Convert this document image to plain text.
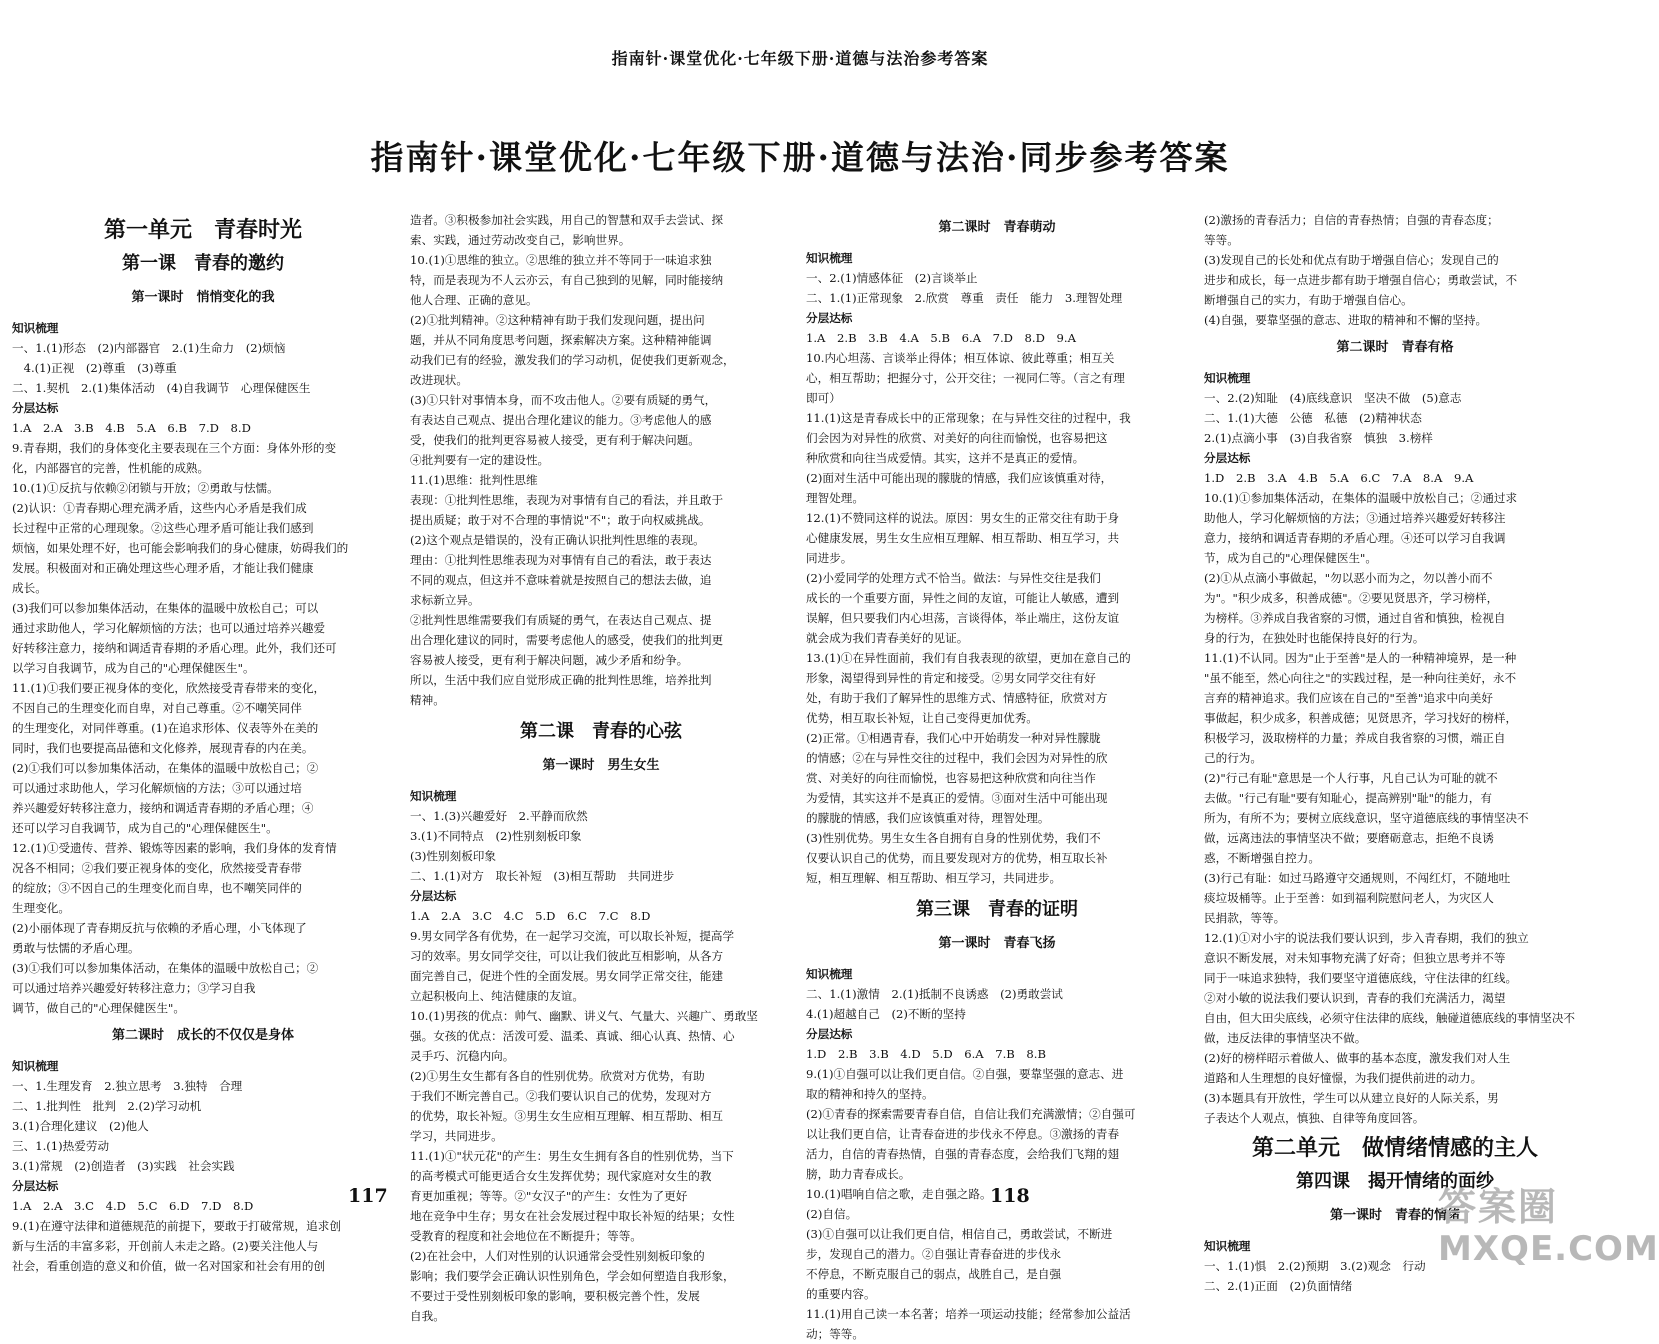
指南针·课堂优化·七年级下册·道德与法治参考答案
指南针·课堂优化·七年级下册·道德与法治·同步参考答案
第一单元　青春时光
第一课　青春的邀约
第一课时　悄悄变化的我
知识梳理
一、1.(1)形态　(2)内部器官　2.(1)生命力　(2)烦恼
　4.(1)正视　(2)尊重　(3)尊重
二、1.契机　2.(1)集体活动　(4)自我调节　心理保健医生
分层达标
1.A　2.A　3.B　4.B　5.A　6.B　7.D　8.D
9.青春期，我们的身体变化主要表现在三个方面：身体外形的变
化，内部器官的完善，性机能的成熟。
10.(1)①反抗与依赖②闭锁与开放；②勇敢与怯懦。
(2)认识：①青春期心理充满矛盾，这些内心矛盾是我们成
长过程中正常的心理现象。②这些心理矛盾可能让我们感到
烦恼，如果处理不好，也可能会影响我们的身心健康，妨碍我们的
发展。积极面对和正确处理这些心理矛盾，才能让我们健康
成长。
(3)我们可以参加集体活动，在集体的温暖中放松自己；可以
通过求助他人，学习化解烦恼的方法；也可以通过培养兴趣爱
好转移注意力，接纳和调适青春期的矛盾心理。此外，我们还可
以学习自我调节，成为自己的"心理保健医生"。
11.(1)①我们要正视身体的变化，欣然接受青春带来的变化，
不因自己的生理变化而自卑，对自己尊重。②不嘲笑同伴
的生理变化，对同伴尊重。(1)在追求形体、仪表等外在美的
同时，我们也要提高品德和文化修养，展现青春的内在美。
(2)①我们可以参加集体活动，在集体的温暖中放松自己；②
可以通过求助他人，学习化解烦恼的方法；③可以通过培
养兴趣爱好转移注意力，接纳和调适青春期的矛盾心理；④
还可以学习自我调节，成为自己的"心理保健医生"。
12.(1)①受遗传、营养、锻炼等因素的影响，我们身体的发育情
况各不相同；②我们要正视身体的变化，欣然接受青春带
的绽放；③不因自己的生理变化而自卑，也不嘲笑同伴的
生理变化。
(2)小丽体现了青春期反抗与依赖的矛盾心理，小飞体现了
勇敢与怯懦的矛盾心理。
(3)①我们可以参加集体活动，在集体的温暖中放松自己；②
可以通过培养兴趣爱好转移注意力；③学习自我
调节，做自己的"心理保健医生"。
第二课时　成长的不仅仅是身体
知识梳理
一、1.生理发育　2.独立思考　3.独特　合理
二、1.批判性　批判　2.(2)学习动机
3.(1)合理化建议　(2)他人
三、1.(1)热爱劳动
3.(1)常规　(2)创造者　(3)实践　社会实践
分层达标
1.A　2.A　3.C　4.D　5.C　6.D　7.D　8.D
9.(1)在遵守法律和道德规范的前提下，要敢于打破常规，追求创
新与生活的丰富多彩，开创前人未走之路。(2)要关注他人与
社会，看重创造的意义和价值，做一名对国家和社会有用的创
造者。③积极参加社会实践，用自己的智慧和双手去尝试、探
索、实践，通过劳动改变自己，影响世界。
10.(1)①思维的独立。②思维的独立并不等同于一味追求独
特，而是表现为不人云亦云，有自己独到的见解，同时能接纳
他人合理、正确的意见。
(2)①批判精神。②这种精神有助于我们发现问题，提出问
题，并从不同角度思考问题，探索解决方案。这种精神能调
动我们已有的经验，激发我们的学习动机，促使我们更新观念，
改进现状。
(3)①只针对事情本身，而不攻击他人。②要有质疑的勇气，
有表达自己观点、提出合理化建议的能力。③考虑他人的感
受，使我们的批判更容易被人接受，更有利于解决问题。
④批判要有一定的建设性。
11.(1)思维：批判性思维
表现：①批判性思维，表现为对事情有自己的看法，并且敢于
提出质疑；敢于对不合理的事情说"不"；敢于向权威挑战。
(2)这个观点是错误的，没有正确认识批判性思维的表现。
理由：①批判性思维表现为对事情有自己的看法，敢于表达
不同的观点，但这并不意味着就是按照自己的想法去做，追
求标新立异。
②批判性思维需要我们有质疑的勇气，在表达自己观点、提
出合理化建议的同时，需要考虑他人的感受，使我们的批判更
容易被人接受，更有利于解决问题，减少矛盾和纷争。
所以，生活中我们应自觉形成正确的批判性思维，培养批判
精神。
第二课　青春的心弦
第一课时　男生女生
知识梳理
一、1.(3)兴趣爱好　2.平静而欣然
3.(1)不同特点　(2)性别刻板印象
(3)性别刻板印象
二、1.(1)对方　取长补短　(3)相互帮助　共同进步
分层达标
1.A　2.A　3.C　4.C　5.D　6.C　7.C　8.D
9.男女同学各有优势，在一起学习交流，可以取长补短，提高学
习的效率。男女同学交往，可以让我们彼此互相影响，从各方
面完善自己，促进个性的全面发展。男女同学正常交往，能建
立起积极向上、纯洁健康的友谊。
10.(1)男孩的优点：帅气、幽默、讲义气、气量大、兴趣广、勇敢坚
强。女孩的优点：活泼可爱、温柔、真诚、细心认真、热情、心
灵手巧、沉稳内向。
(2)①男生女生都有各自的性别优势。欣赏对方优势，有助
于我们不断完善自己。②我们要认识自己的优势，发现对方
的优势，取长补短。③男生女生应相互理解、相互帮助、相互
学习，共同进步。
11.(1)①"状元花"的产生：男生女生拥有各自的性别优势，当下
的高考模式可能更适合女生发挥优势；现代家庭对女生的教
育更加重视；等等。②"女汉子"的产生：女性为了更好
地在竞争中生存；男女在社会发展过程中取长补短的结果；女性
受教育的程度和社会地位在不断提升；等等。
(2)在社会中，人们对性别的认识通常会受性别刻板印象的
影响；我们要学会正确认识性别角色，学会如何塑造自我形象，
不要过于受性别刻板印象的影响，要积极完善个性，发展
自我。
第二课时　青春萌动
知识梳理
一、2.(1)情感体征　(2)言谈举止
二、1.(1)正常现象　2.欣赏　尊重　责任　能力　3.理智处理
分层达标
1.A　2.B　3.B　4.A　5.B　6.A　7.D　8.D　9.A
10.内心坦荡、言谈举止得体；相互体谅、彼此尊重；相互关
心，相互帮助；把握分寸，公开交往；一视同仁等。（言之有理
即可）
11.(1)这是青春成长中的正常现象；在与异性交往的过程中，我
们会因为对异性的欣赏、对美好的向往而愉悦，也容易把这
种欣赏和向往当成爱情。其实，这并不是真正的爱情。
(2)面对生活中可能出现的朦胧的情感，我们应该慎重对待，
理智处理。
12.(1)不赞同这样的说法。原因：男女生的正常交往有助于身
心健康发展，男生女生应相互理解、相互帮助、相互学习，共
同进步。
(2)小爱同学的处理方式不恰当。做法：与异性交往是我们
成长的一个重要方面，异性之间的友谊，可能让人敏感，遭到
误解，但只要我们内心坦荡，言谈得体，举止端庄，这份友谊
就会成为我们青春美好的见证。
13.(1)①在异性面前，我们有自我表现的欲望，更加在意自己的
形象，渴望得到异性的肯定和接受。②男女同学交往有好
处，有助于我们了解异性的思维方式、情感特征，欣赏对方
优势，相互取长补短，让自己变得更加优秀。
(2)正常。①相遇青春，我们心中开始萌发一种对异性朦胧
的情感；②在与异性交往的过程中，我们会因为对异性的欣
赏、对美好的向往而愉悦，也容易把这种欣赏和向往当作
为爱情，其实这并不是真正的爱情。③面对生活中可能出现
的朦胧的情感，我们应该慎重对待，理智处理。
(3)性别优势。男生女生各自拥有自身的性别优势，我们不
仅要认识自己的优势，而且要发现对方的优势，相互取长补
短，相互理解、相互帮助、相互学习，共同进步。
第三课　青春的证明
第一课时　青春飞扬
知识梳理
二、1.(1)激情　2.(1)抵制不良诱惑　(2)勇敢尝试
4.(1)超越自己　(2)不断的坚持
分层达标
1.D　2.B　3.B　4.D　5.D　6.A　7.B　8.B
9.(1)①自强可以让我们更自信。②自强，要靠坚强的意志、进
取的精神和持久的坚持。
(2)①青春的探索需要青春自信，自信让我们充满激情；②自强可
以让我们更自信，让青春奋进的步伐永不停息。③激扬的青春
活力，自信的青春热情，自强的青春态度，会给我们飞翔的翅
膀，助力青春成长。
10.(1)唱响自信之歌，走自强之路。
(2)自信。
(3)①自强可以让我们更自信，相信自己，勇敢尝试，不断进
步，发现自己的潜力。②自强让青春奋进的步伐永
不停息，不断克服自己的弱点，战胜自己，是自强
的重要内容。
11.(1)用自己读一本名著；培养一项运动技能；经常参加公益活
动；等等。
(2)激扬的青春活力；自信的青春热情；自强的青春态度；
等等。
(3)发现自己的长处和优点有助于增强自信心；发现自己的
进步和成长，每一点进步都有助于增强自信心；勇敢尝试，不
断增强自己的实力，有助于增强自信心。
(4)自强，要靠坚强的意志、进取的精神和不懈的坚持。
第二课时　青春有格
知识梳理
一、2.(2)知耻　(4)底线意识　坚决不做　(5)意志
二、1.(1)大德　公德　私德　(2)精神状态
2.(1)点滴小事　(3)自我省察　慎独　3.榜样
分层达标
1.D　2.B　3.A　4.B　5.A　6.C　7.A　8.A　9.A
10.(1)①参加集体活动，在集体的温暖中放松自己；②通过求
助他人，学习化解烦恼的方法；③通过培养兴趣爱好转移注
意力，接纳和调适青春期的矛盾心理。④还可以学习自我调
节，成为自己的"心理保健医生"。
(2)①从点滴小事做起，"勿以恶小而为之，勿以善小而不
为"。"积少成多，积善成德"。②要见贤思齐，学习榜样，
为榜样。③养成自我省察的习惯，通过自省和慎独，检视自
身的行为，在独处时也能保持良好的行为。
11.(1)不认同。因为"止于至善"是人的一种精神境界，是一种
"虽不能至，然心向往之"的实践过程，是一种向往美好，永不
言弃的精神追求。我们应该在自己的"至善"追求中向美好
事做起，积少成多，积善成德；见贤思齐，学习找好的榜样，
积极学习，汲取榜样的力量；养成自我省察的习惯，端正自
己的行为。
(2)"行己有耻"意思是一个人行事，凡自己认为可耻的就不
去做。"行己有耻"要有知耻心，提高辨别"耻"的能力，有
所为，有所不为；要树立底线意识，坚守道德底线的事情坚决不
做，远离违法的事情坚决不做；要磨砺意志，拒绝不良诱
惑，不断增强自控力。
(3)行己有耻：如过马路遵守交通规则，不闯红灯，不随地吐
痰垃圾桶等。止于至善：如到福利院慰问老人，为灾区人
民捐款，等等。
12.(1)①对小宇的说法我们要认识到，步入青春期，我们的独立
意识不断发展，对未知事物充满了好奇；但独立思考并不等
同于一味追求独特，我们要坚守道德底线，守住法律的红线。
②对小敏的说法我们要认识到，青春的我们充满活力，渴望
自由，但大田尖底线，必须守住法律的底线，触碰道德底线的事情坚决不
做，违反法律的事情坚决不做。
(2)好的榜样昭示着做人、做事的基本态度，激发我们对人生
道路和人生理想的良好憧憬，为我们提供前进的动力。
(3)本题具有开放性，学生可以从建立良好的人际关系，男
子表达个人观点，慎独、自律等角度回答。
第二单元　做情绪情感的主人
第四课　揭开情绪的面纱
第一课时　青春的情绪
知识梳理
一、1.(1)惧　2.(2)预期　3.(2)观念　行动
二、2.(1)正面　(2)负面情绪
117	118	答案圈
MXQE.COM
